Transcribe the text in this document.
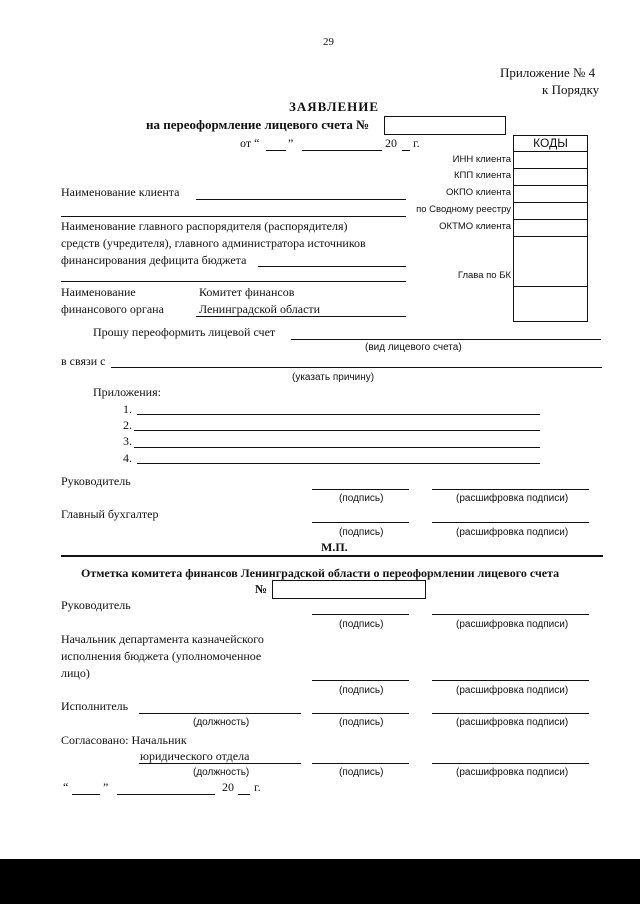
29
Приложение № 4
к Порядку
ЗАЯВЛЕНИЕ
на переоформление лицевого счета №
от “ ”	20 г.	КОДЫ
ИНН клиента
КПП клиента
ОКПО клиента
по Сводному реестру
ОКТМО клиента
Глава по БК
Наименование клиента
Наименование главного распорядителя (распорядителя)
средств (учредителя), главного администратора источников
финансирования дефицита бюджета
Наименование
финансового органа
Комитет финансов
Ленинградской области
Прошу переоформить лицевой счет
(вид лицевого счета)
в связи с
(указать причину)
Приложения:
1.
2.
3.
4.
Руководитель
(подпись)	(расшифровка подписи)
Главный бухгалтер
(подпись)	(расшифровка подписи)
М.П.
Отметка комитета финансов Ленинградской области о переоформлении лицевого счета
№
Руководитель
(подпись)	(расшифровка подписи)
Начальник департамента казначейского
исполнения бюджета (уполномоченное
лицо)
(подпись)	(расшифровка подписи)
Исполнитель
(должность)	(подпись)	(расшифровка подписи)
Согласовано: Начальник
юридического отдела
(должность)	(подпись)	(расшифровка подписи)
“	”	20 г.
